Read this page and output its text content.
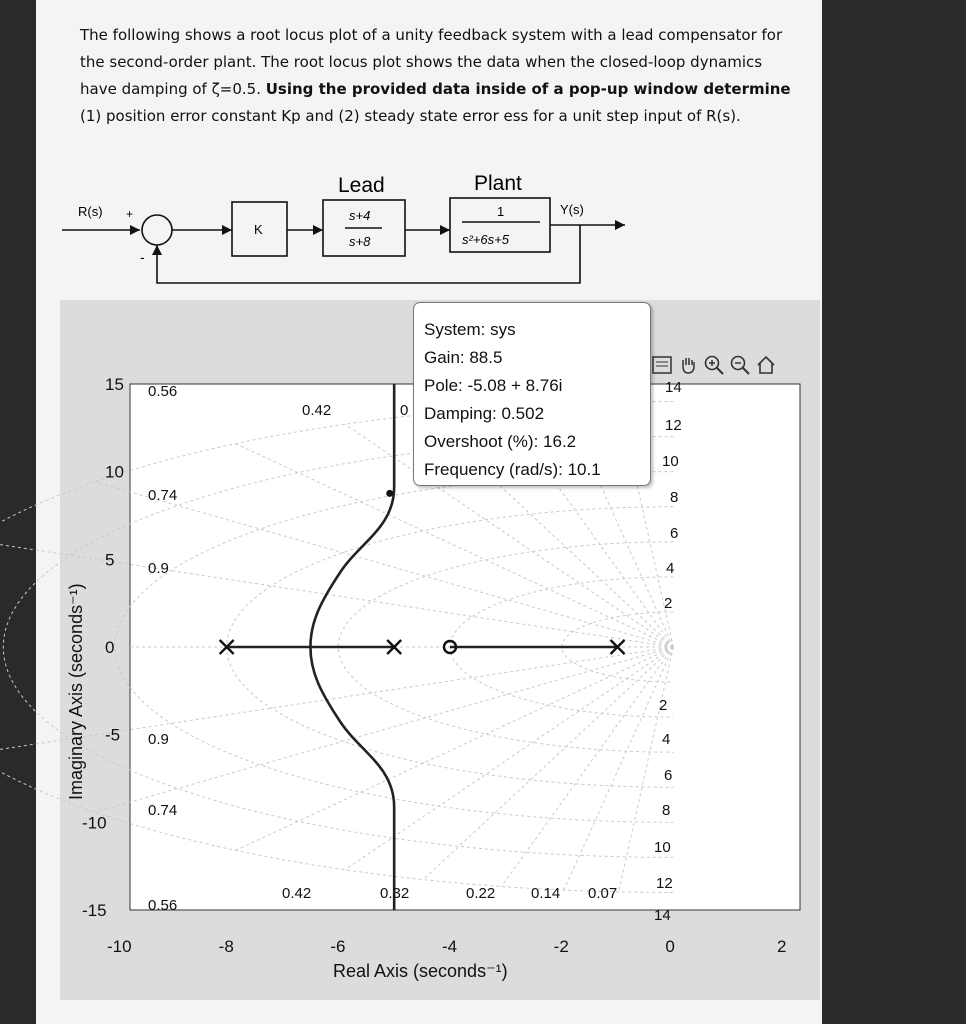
The following shows a root locus plot of a unity feedback system with a lead compensator for
the second-order plant. The root locus plot shows the data when the closed-loop dynamics
have damping of ζ=0.5. Using the provided data inside of a pop-up window determine
(1) position error constant Kp and (2) steady state error ess for a unit step input of R(s).
R(s) +
-
K
Lead
s+4
s+8
Plant
1
s²+6s+5
Y(s)
-10	-8	-6	-4	-2	0	2
15
10
5
0
-5
-10
-15
0.56
0.74
0.9
0.9
0.74
0.56
0.42	0
0.42	0.32	0.22 0.14 0.07
14
12
10
8
6
4
2
2
4
6
8
10
12
14
Real Axis (seconds⁻¹)
Imaginary Axis (seconds⁻¹)
System: sys
Gain: 88.5
Pole: -5.08 + 8.76i
Damping: 0.502
Overshoot (%): 16.2
Frequency (rad/s): 10.1
